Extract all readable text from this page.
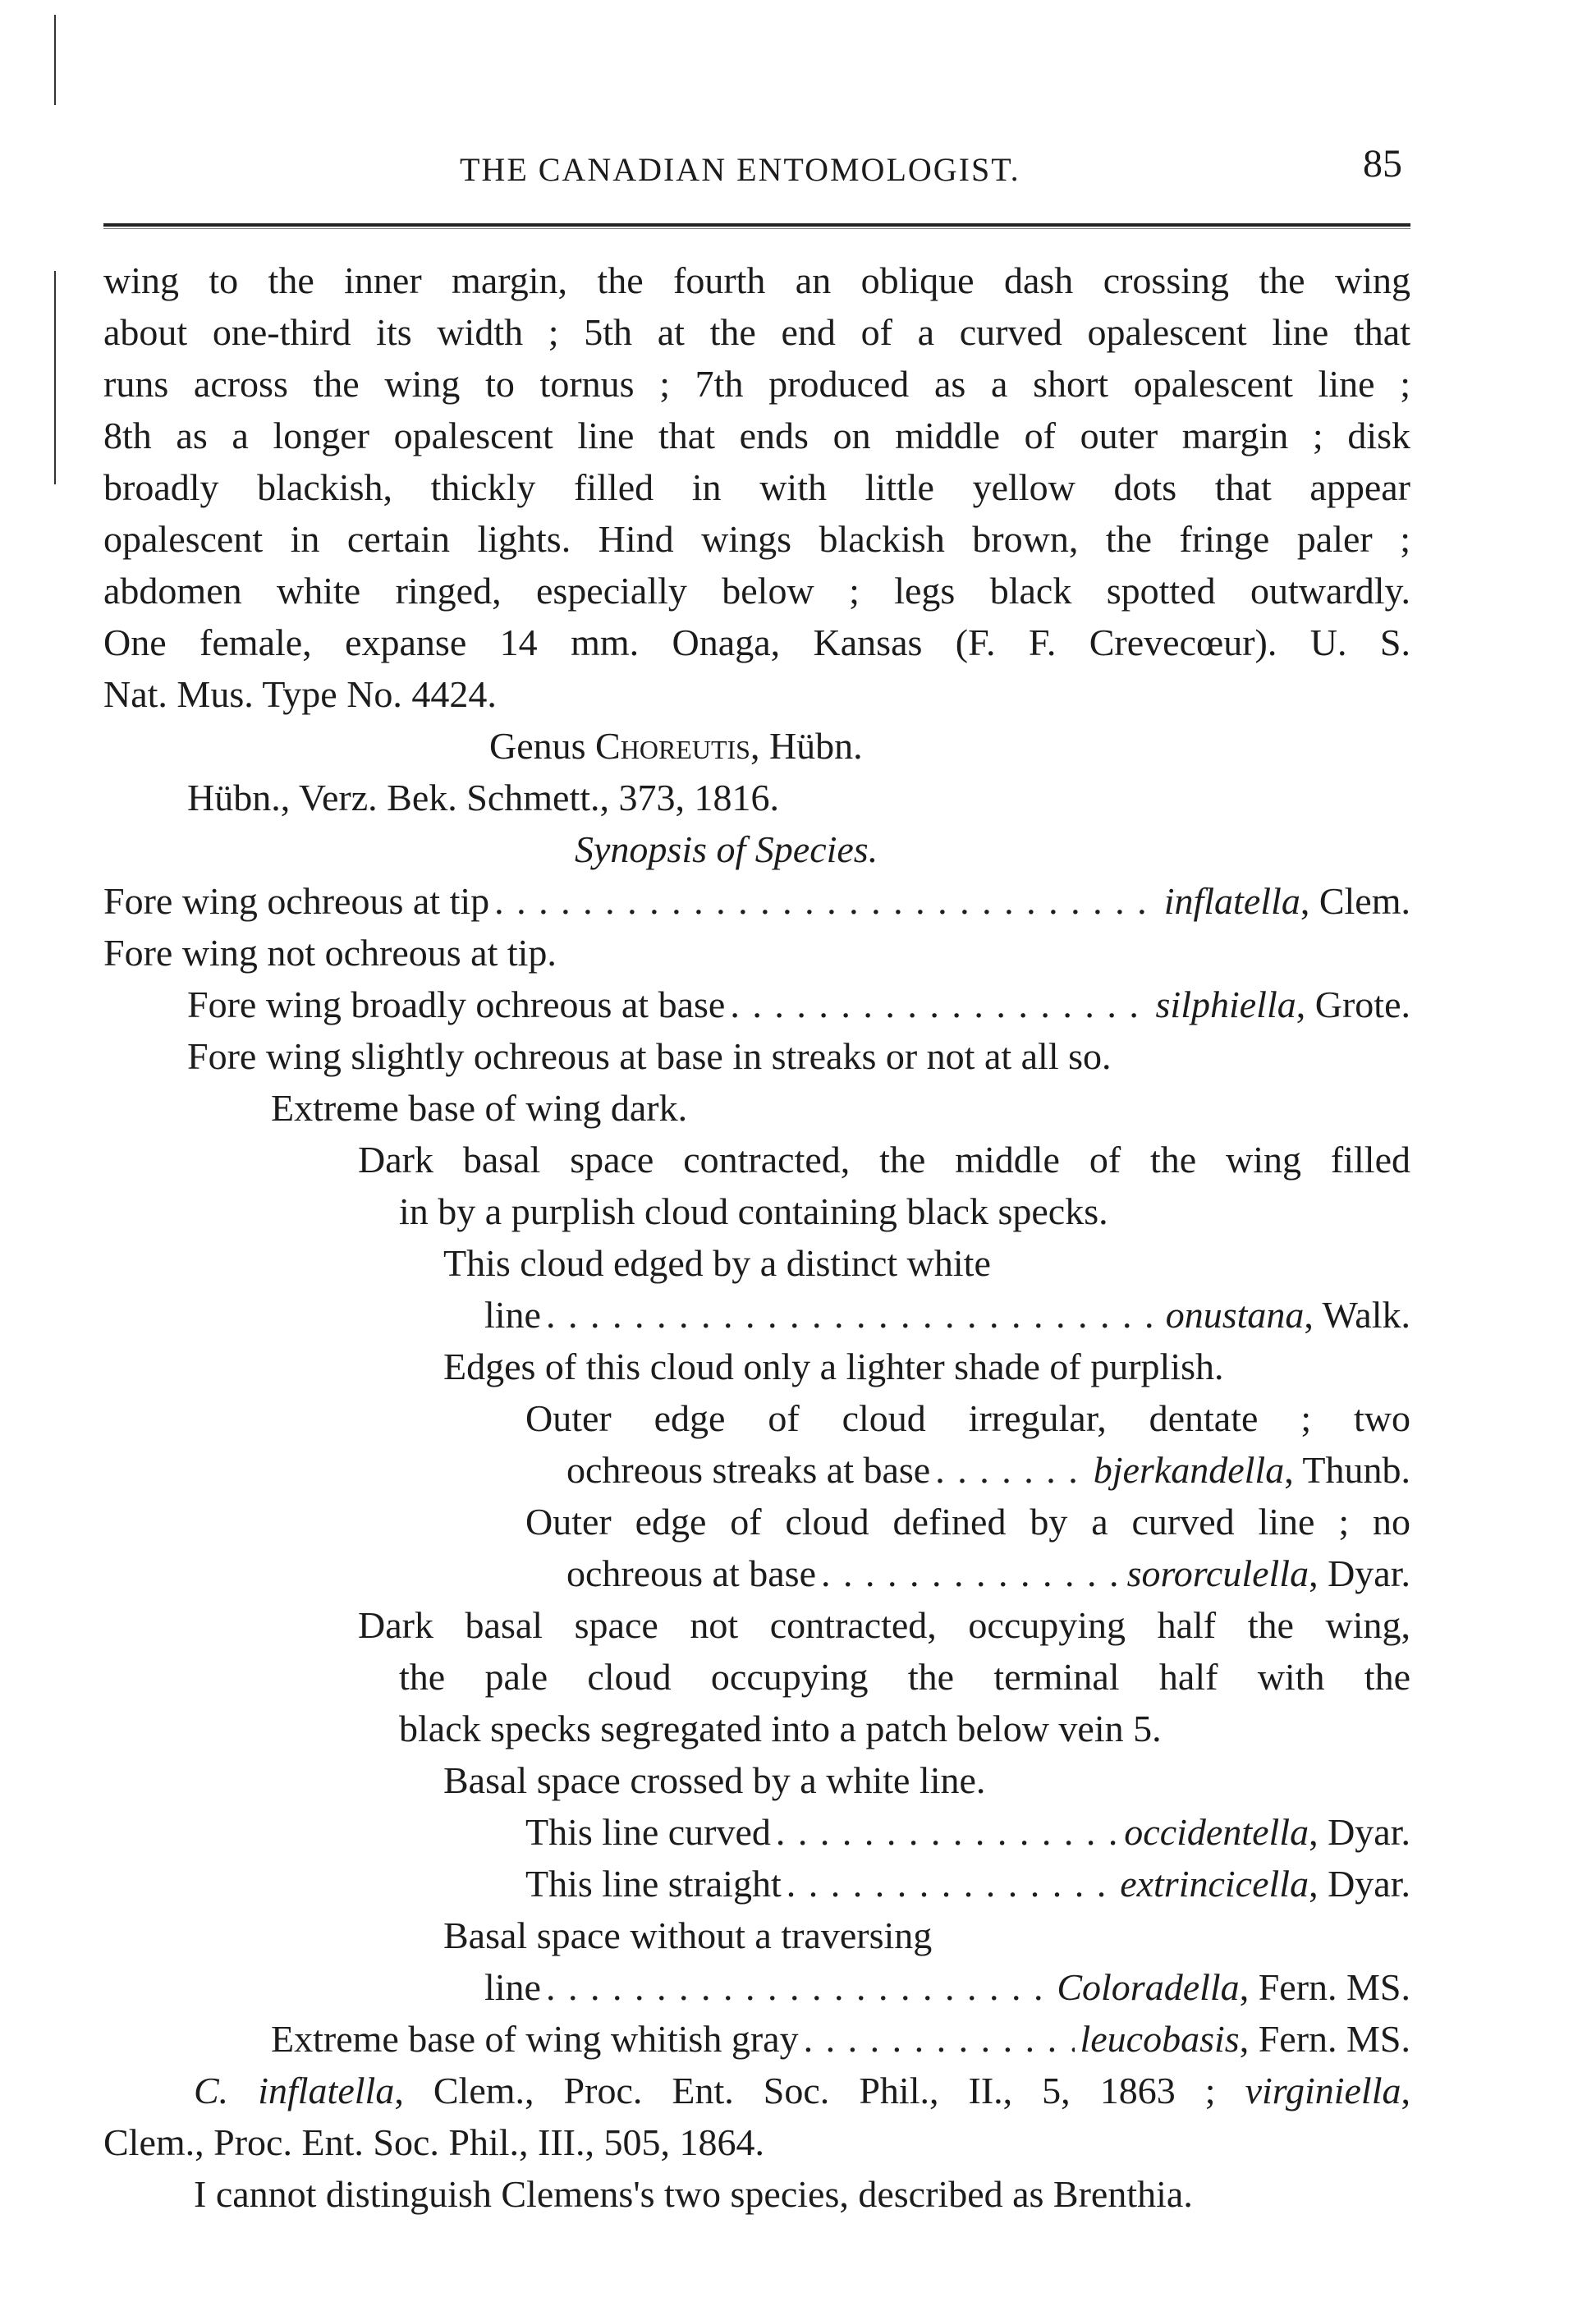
THE CANADIAN ENTOMOLOGIST.	85
wing to the inner margin, the fourth an oblique dash crossing the wing
about one-third its width ; 5th at the end of a curved opalescent line that
runs across the wing to tornus ; 7th produced as a short opalescent line ;
8th as a longer opalescent line that ends on middle of outer margin ; disk
broadly blackish, thickly filled in with little yellow dots that appear
opalescent in certain lights. Hind wings blackish brown, the fringe paler ;
abdomen white ringed, especially below ; legs black spotted outwardly.
One female, expanse 14 mm. Onaga, Kansas (F. F. Crevecœur). U. S.
Nat. Mus. Type No. 4424.
Genus Choreutis, Hübn.
Hübn., Verz. Bek. Schmett., 373, 1816.
Synopsis of Species.
Fore wing ochreous at tip . . .	inflatella , Clem.
Fore wing not ochreous at tip.
Fore wing broadly ochreous at base . . .	silphiella , Grote.
Fore wing slightly ochreous at base in streaks or not at all so.
Extreme base of wing dark.
Dark basal space contracted, the middle of the wing filled
in by a purplish cloud containing black specks.
This cloud edged by a distinct white
line . . .	onustana , Walk.
Edges of this cloud only a lighter shade of purplish.
Outer edge of cloud irregular, dentate ; two
ochreous streaks at base . . .	bjerkandella , Thunb.
Outer edge of cloud defined by a curved line ; no
ochreous at base . . .	sororculella , Dyar.
Dark basal space not contracted, occupying half the wing,
the pale cloud occupying the terminal half with the
black specks segregated into a patch below vein 5.
Basal space crossed by a white line.
This line curved . . .	occidentella , Dyar.
This line straight . . .	extrincicella , Dyar.
Basal space without a traversing
line . . .	Coloradella , Fern. MS.
Extreme base of wing whitish gray . . .	leucobasis , Fern. MS.
C. inflatella, Clem., Proc. Ent. Soc. Phil., II., 5, 1863 ; virginiella,
Clem., Proc. Ent. Soc. Phil., III., 505, 1864.
I cannot distinguish Clemens's two species, described as Brenthia.
